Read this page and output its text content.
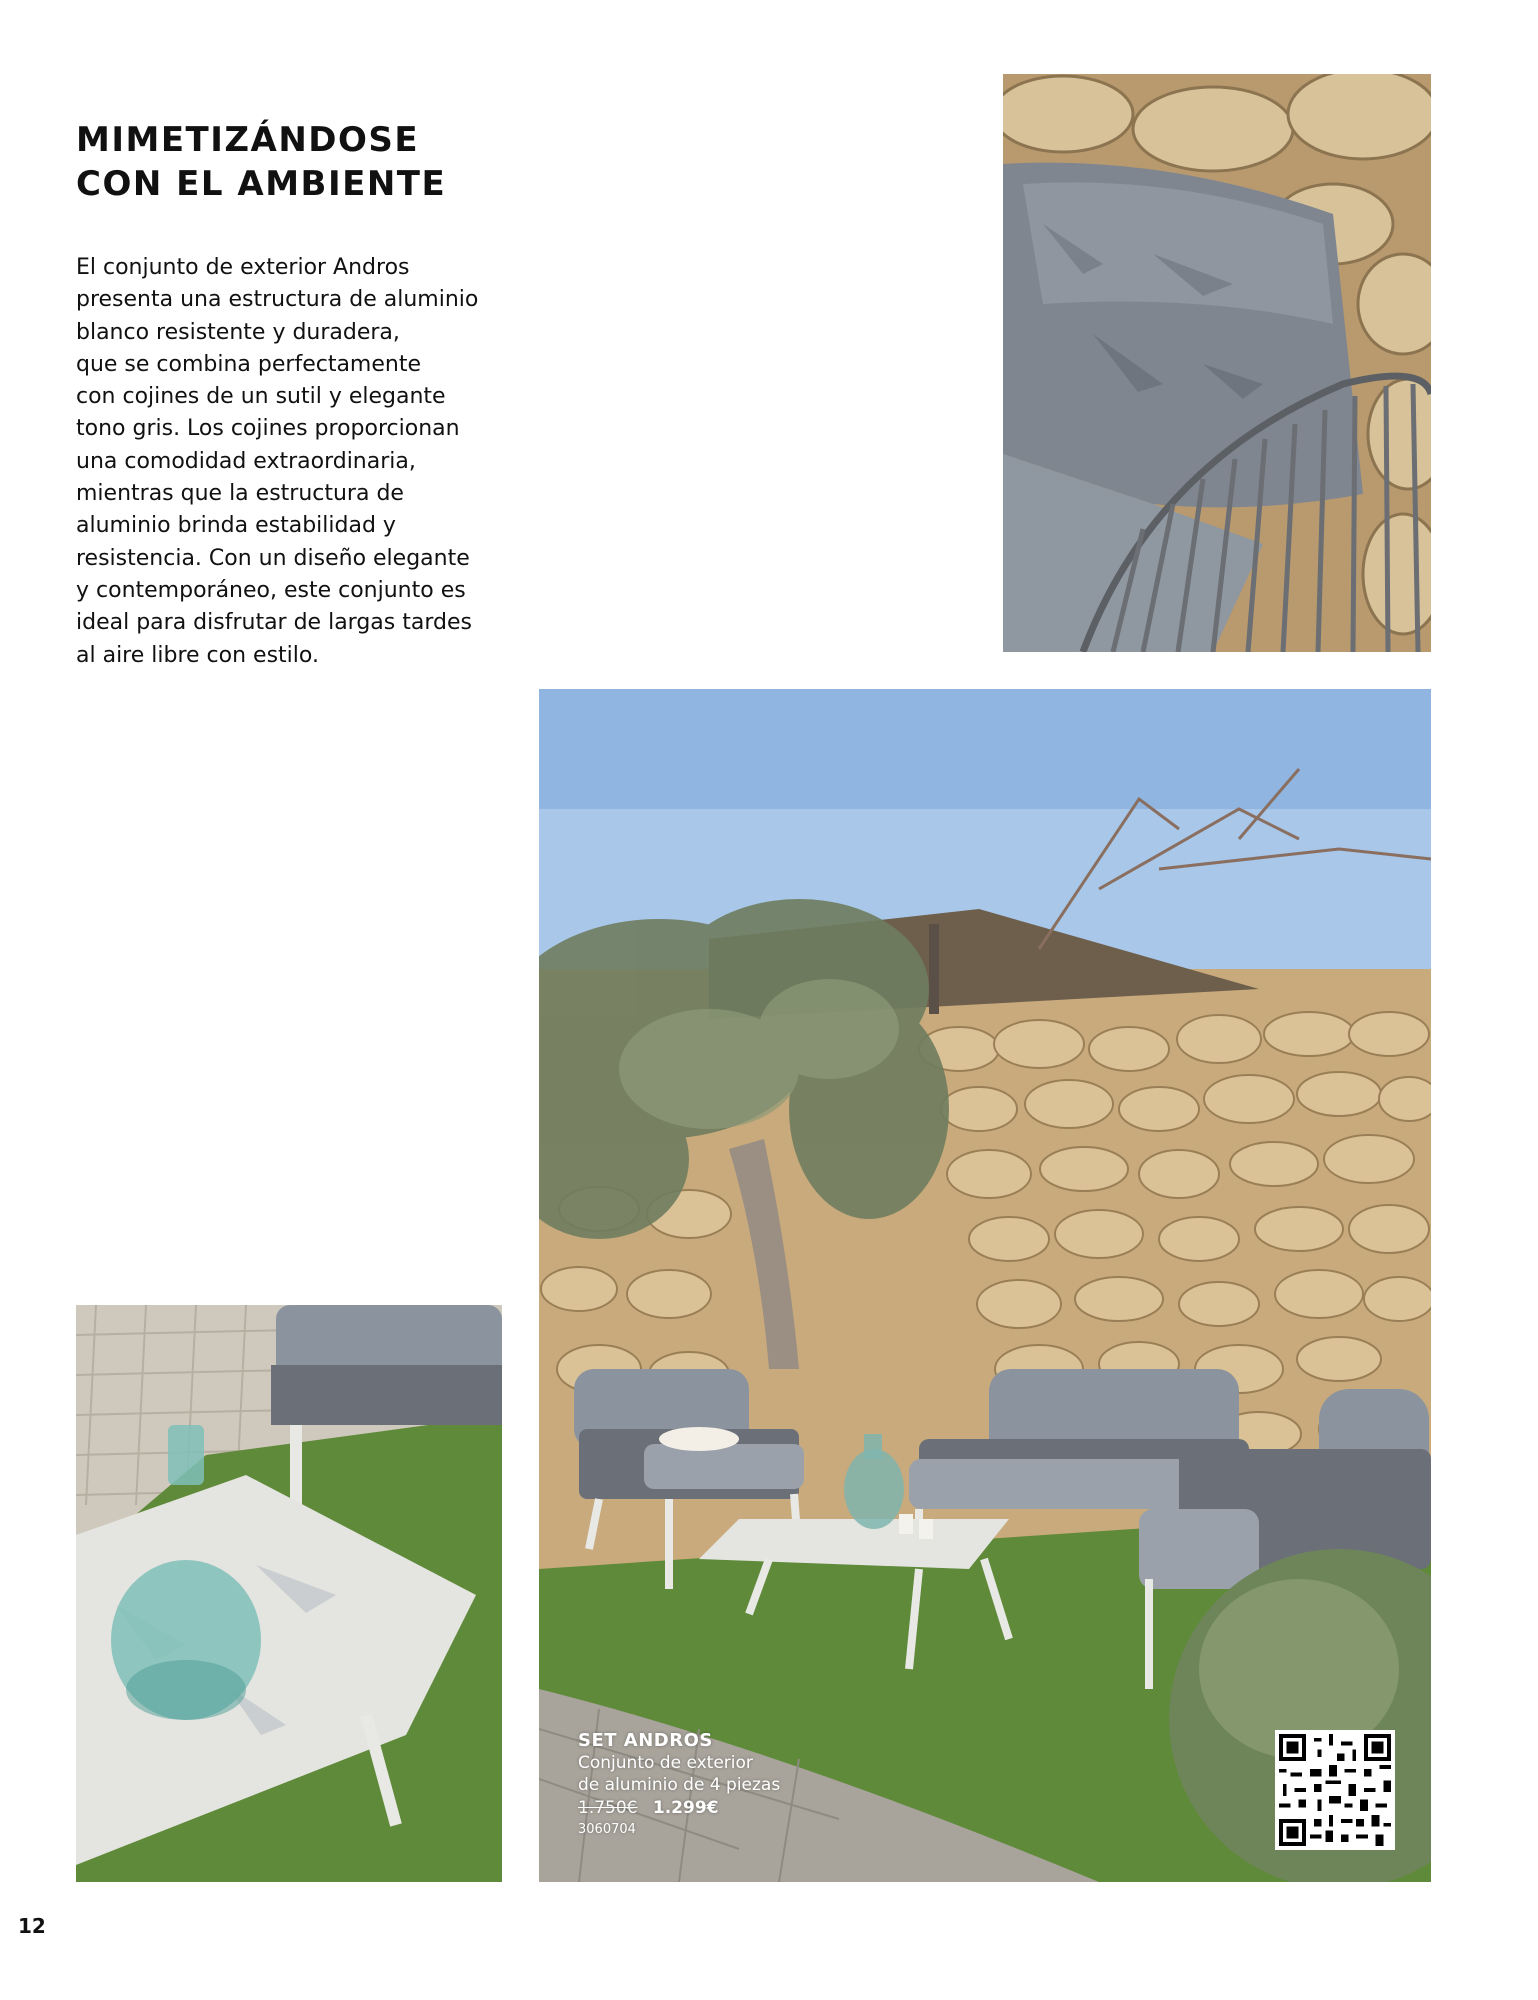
MIMETIZÁNDOSE
CON EL AMBIENTE
El conjunto de exterior Andros
presenta una estructura de aluminio
blanco resistente y duradera,
que se combina perfectamente
con cojines de un sutil y elegante
tono gris. Los cojines proporcionan
una comodidad extraordinaria,
mientras que la estructura de
aluminio brinda estabilidad y
resistencia. Con un diseño elegante
y contemporáneo, este conjunto es
ideal para disfrutar de largas tardes
al aire libre con estilo.
SET ANDROS
Conjunto de exterior
de aluminio de 4 piezas
1.750€ 1.299€
3060704
12
